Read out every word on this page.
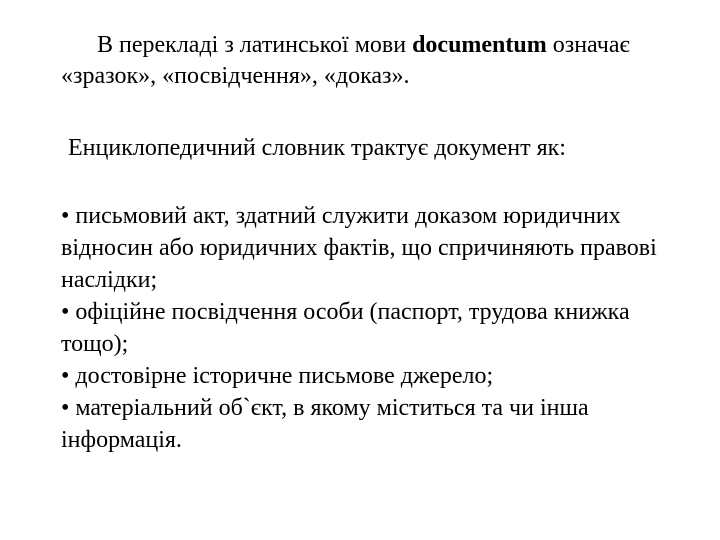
В перекладі з латинської мови documentum означає «зразок», «посвідчення», «доказ».

Енциклопедичний словник трактує документ як:

• письмовий акт, здатний служити доказом юридичних відносин або юридичних фактів, що спричиняють правові наслідки;
• офіційне посвідчення особи (паспорт, трудова книжка тощо);
• достовірне історичне письмове джерело;
• матеріальний об`єкт, в якому міститься та чи інша інформація.
